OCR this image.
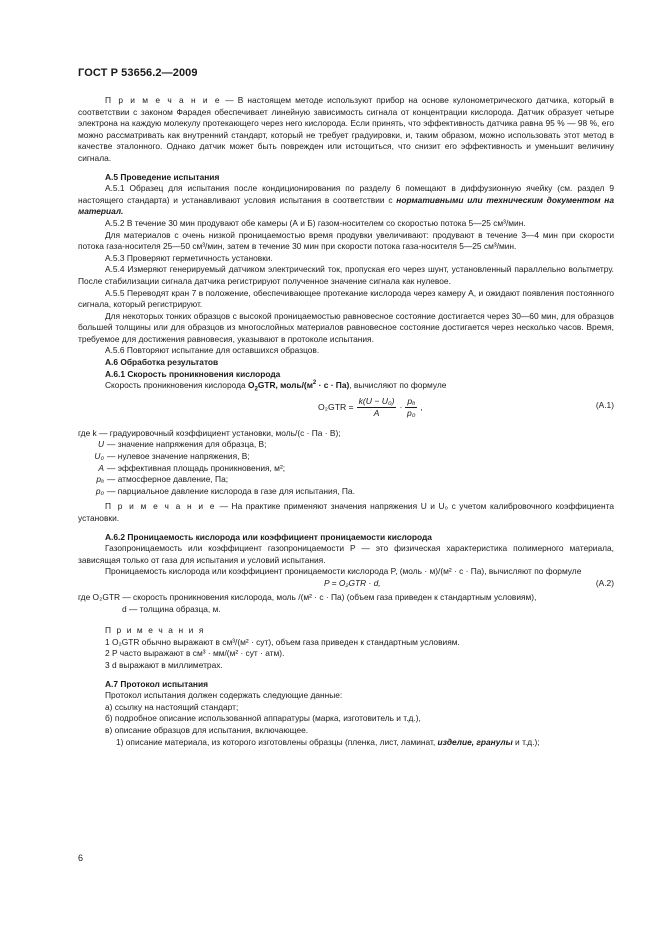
ГОСТ Р 53656.2—2009

П р и м е ч а н и е — В настоящем методе используют прибор на основе кулонометрического датчика, который в соответствии с законом Фарадея обеспечивает линейную зависимость сигнала от концентрации кислорода. Датчик образует четыре электрона на каждую молекулу протекающего через него кислорода. Если принять, что эффективность датчика равна 95 % — 98 %, его можно рассматривать как внутренний стандарт, который не требует градуировки, и, таким образом, можно использовать этот метод в качестве эталонного. Однако датчик может быть поврежден или истощиться, что снизит его эффективность и уменьшит величину сигнала.

А.5 Проведение испытания

А.5.1 Образец для испытания после кондиционирования по разделу 6 помещают в диффузионную ячейку (см. раздел 9 настоящего стандарта) и устанавливают условия испытания в соответствии с нормативными или техническим документом на материал.

А.5.2 В течение 30 мин продувают обе камеры (А и Б) газом-носителем со скоростью потока 5—25 см³/мин.

Для материалов с очень низкой проницаемостью время продувки увеличивают: продувают в течение 3—4 мин при скорости потока газа-носителя 25—50 см³/мин, затем в течение 30 мин при скорости потока газа-носителя 5—25 см³/мин.

А.5.3 Проверяют герметичность установки.

А.5.4 Измеряют генерируемый датчиком электрический ток, пропуская его через шунт, установленный параллельно вольтметру. После стабилизации сигнала датчика регистрируют полученное значение сигнала как нулевое.

А.5.5 Переводят кран 7 в положение, обеспечивающее протекание кислорода через камеру А, и ожидают появления постоянного сигнала, который регистрируют.

Для некоторых тонких образцов с высокой проницаемостью равновесное состояние достигается через 30—60 мин, для образцов большей толщины или для образцов из многослойных материалов равновесное состояние достигается через несколько часов. Время, требуемое для достижения равновесия, указывают в протоколе испытания.

А.5.6 Повторяют испытание для оставшихся образцов.

А.6 Обработка результатов

А.6.1 Скорость проникновения кислорода

Скорость проникновения кислорода $O_2GTR$, моль/$(м^2 \cdot с \cdot Па)$, вычисляют по формуле

$O_2GTR = \frac{\text{k(U − U₀)}}{A} \cdot \frac{\text{pₐ}}{\text{p₀}}$ ,	(А.1)

где k — градуировочный коэффициент установки, моль/(с · Па · В);

U — значение напряжения для образца, В;
U₀ — нулевое значение напряжения, В;
A — эффективная площадь проникновения, м²;
pₐ — атмосферное давление, Па;
p₀ — парциальное давление кислорода в газе для испытания, Па.

П р и м е ч а н и е — На практике применяют значения напряжения U и U₀ с учетом калибровочного коэффициента установки.

А.6.2 Проницаемость кислорода или коэффициент проницаемости кислорода

Газопроницаемость или коэффициент газопроницаемости P — это физическая характеристика полимерного материала, зависящая только от газа для испытания и условий испытания.

Проницаемость кислорода или коэффициент проницаемости кислорода P, (моль · м)/(м² · с · Па), вычисляют по формуле

P = O₂GTR · d,	(А.2)

где O₂GTR — скорость проникновения кислорода, моль /(м² · с · Па) (объем газа приведен к стандартным условиям),

d — толщина образца, м.

П р и м е ч а н и я

1 O₂GTR обычно выражают в см³/(м² · сут), объем газа приведен к стандартным условиям.

2 P часто выражают в см³ · мм/(м² · сут · атм).

3 d выражают в миллиметрах.

А.7 Протокол испытания

Протокол испытания должен содержать следующие данные:

а) ссылку на настоящий стандарт;

б) подробное описание использованной аппаратуры (марка, изготовитель и т.д.),

в) описание образцов для испытания, включающее.

1) описание материала, из которого изготовлены образцы (пленка, лист, ламинат, изделие, гранулы и т.д.);

6
